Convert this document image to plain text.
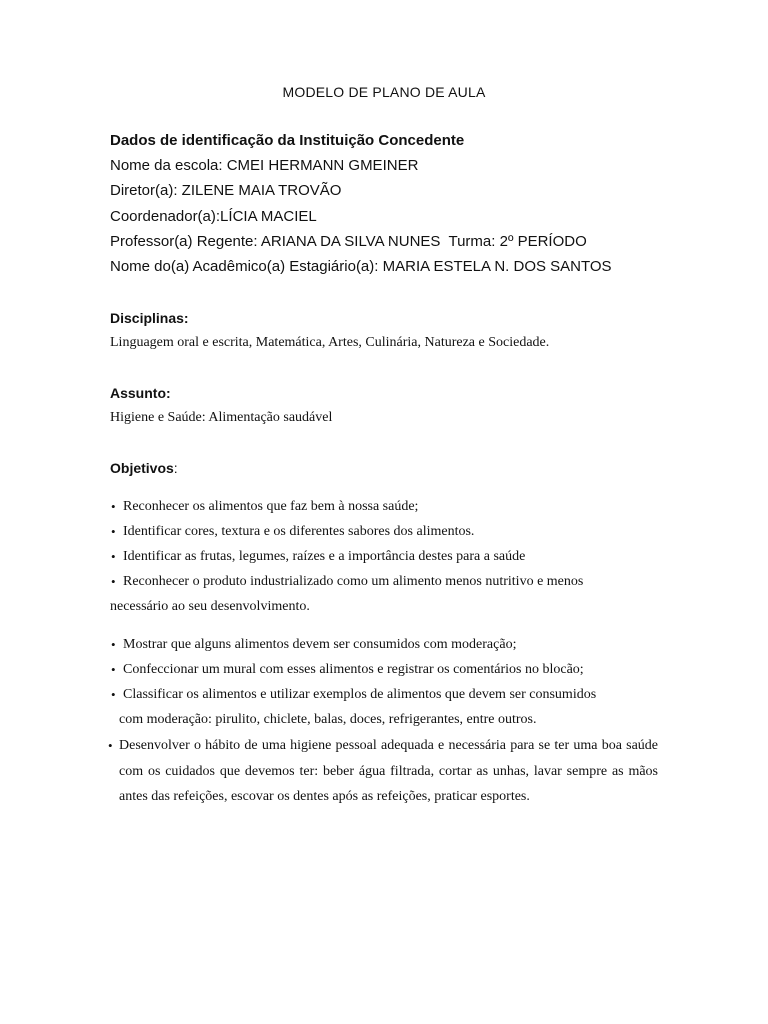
MODELO DE PLANO DE AULA
Dados de identificação da Instituição Concedente
Nome da escola: CMEI HERMANN GMEINER
Diretor(a): ZILENE MAIA TROVÃO
Coordenador(a):LÍCIA MACIEL
Professor(a) Regente: ARIANA DA SILVA NUNES  Turma: 2º PERÍODO
Nome do(a) Acadêmico(a) Estagiário(a): MARIA ESTELA N. DOS SANTOS
Disciplinas:
Linguagem oral e escrita, Matemática, Artes, Culinária, Natureza e Sociedade.
Assunto:
Higiene e Saúde: Alimentação saudável
Objetivos:
• Reconhecer os alimentos que faz bem à nossa saúde;
• Identificar cores, textura e os diferentes sabores dos alimentos.
• Identificar as frutas, legumes, raízes e a importância destes para a saúde
• Reconhecer o produto industrializado como um alimento menos nutritivo e menos
necessário ao seu desenvolvimento.
• Mostrar que alguns alimentos devem ser consumidos com moderação;
• Confeccionar um mural com esses alimentos e registrar os comentários no blocão;
• Classificar os alimentos e utilizar exemplos de alimentos que devem ser consumidos
com moderação: pirulito, chiclete, balas, doces, refrigerantes, entre outros.
• Desenvolver o hábito de uma higiene pessoal adequada e necessária para se ter uma boa saúde com os cuidados que devemos ter: beber água filtrada, cortar as unhas, lavar sempre as mãos antes das refeições, escovar os dentes após as refeições, praticar esportes.
